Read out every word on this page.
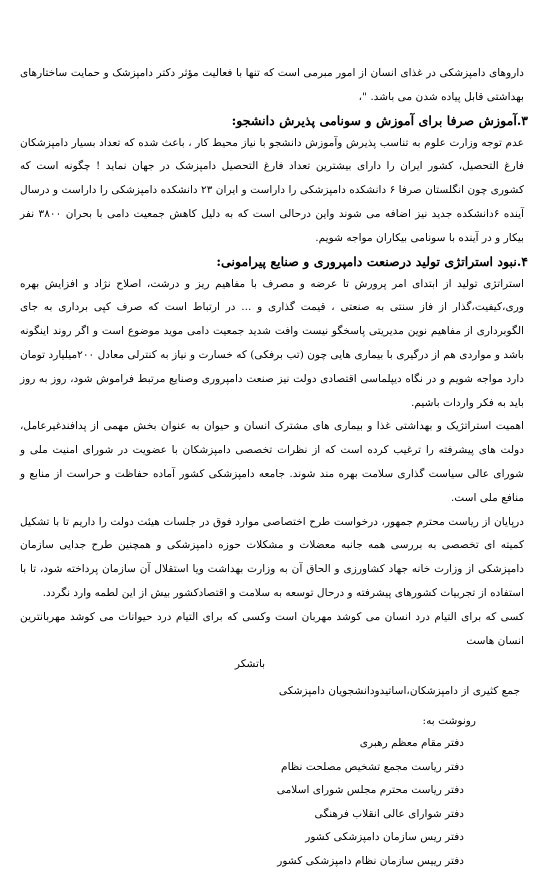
داروهای دامپزشکی در غذای انسان از امور مبرمی است که تنها با فعالیت مؤثر دکتر دامپزشک و حمایت ساختارهای بهداشتی قابل پیاده شدن می باشد. "،

۳.آموزش صرفا برای آموزش و سونامی پذیرش دانشجو:

عدم توجه وزارت علوم به تناسب پذیرش وآموزش دانشجو با نیاز محیط کار ، باعث شده که تعداد بسیار دامپزشکان فارغ التحصیل، کشور ایران را دارای بیشترین تعداد فارغ التحصیل دامپزشک در جهان نماید ! چگونه است که کشوری چون انگلستان صرفا ۶ دانشکده دامپزشکی را داراست و ایران ۲۳ دانشکده دامپزشکی را داراست و درسال آینده ۶دانشکده جدید نیز اضافه می شوند واین درحالی است که به دلیل کاهش جمعیت دامی با بحران ۳۸۰۰ نفر بیکار و در آینده با سونامی بیکاران مواجه شویم.

۴.نبود استراتژی تولید درصنعت دامپروری و صنایع پیرامونی:

استراتژی تولید از ابتدای امر پرورش تا عرضه و مصرف با مفاهیم ریز و درشت، اصلاح نژاد و افزایش بهره وری،کیفیت،گذار از فاز سنتی به صنعتی ، قیمت گذاری و ... در ارتباط است که صرف کپی برداری به جای الگوبرداری از مفاهیم نوین مدیریتی پاسخگو نیست وافت شدید جمعیت دامی موید موضوع است و اگر روند اینگونه باشد و مواردی هم از درگیری با بیماری هایی چون (تب برفکی) که خسارت و نیاز به کنترلی معادل ۲۰۰میلیارد تومان دارد مواجه شویم و در نگاه دیپلماسی اقتصادی دولت نیز صنعت دامپروری وصنایع مرتبط فراموش شود، روز به روز باید به فکر واردات باشیم.

اهمیت استراتژیک و بهداشتی غذا و بیماری های مشترک انسان و حیوان به عنوان بخش مهمی از پدافندغیرعامل، دولت های پیشرفته را ترغیب کرده است که از نظرات تخصصی دامپزشکان با عضویت در شورای امنیت ملی و شورای عالی سیاست گذاری سلامت بهره مند شوند. جامعه دامپزشکی کشور آماده حفاظت و حراست از منابع و منافع ملی است.

درپایان از ریاست محترم جمهور، درخواست طرح اختصاصی موارد فوق در جلسات هیئت دولت را داریم تا با تشکیل کمیته ای تخصصی به بررسی همه جانبه معضلات و مشکلات حوزه دامپزشکی و همچنین طرح جدایی سازمان دامپزشکی از وزارت خانه جهاد کشاورزی و الحاق آن به وزارت بهداشت ویا استقلال آن سازمان پرداخته شود، تا با استفاده از تجربیات کشورهای پیشرفته و درحال توسعه به سلامت و اقتصادکشور بیش از این لطمه وارد نگردد.

کسی که برای التیام درد انسان می کوشد مهربان است وکسی که برای التیام درد حیوانات می کوشد مهربانترین انسان هاست

باتشکر

جمع کثیری از دامپزشکان،اساتیدودانشجویان دامپزشکی

رونوشت به:

دفتر مقام معظم رهبری
دفتر ریاست مجمع تشخیص مصلحت نظام
دفتر ریاست محترم مجلس شورای اسلامی
دفتر شوارای عالی انقلاب فرهنگی
دفتر ریس سازمان دامپزشکی کشور
دفتر رییس سازمان نظام دامپزشکی کشور
